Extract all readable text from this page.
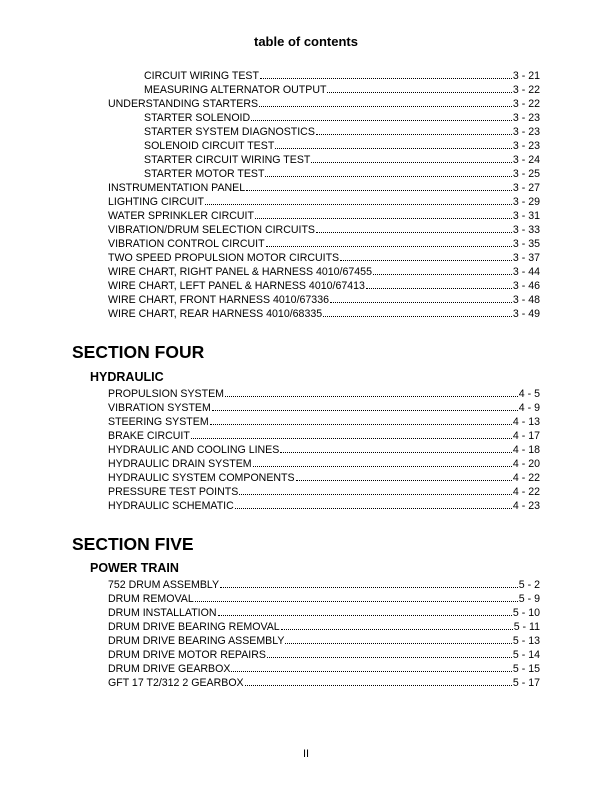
table of contents
CIRCUIT WIRING TEST	3 - 21
MEASURING ALTERNATOR OUTPUT	3 - 22
UNDERSTANDING STARTERS	3 - 22
STARTER SOLENOID	3 - 23
STARTER SYSTEM DIAGNOSTICS	3 - 23
SOLENOID CIRCUIT TEST	3 - 23
STARTER CIRCUIT WIRING TEST	3 - 24
STARTER MOTOR TEST	3 - 25
INSTRUMENTATION PANEL	3 - 27
LIGHTING CIRCUIT	3 - 29
WATER SPRINKLER CIRCUIT	3 - 31
VIBRATION/DRUM SELECTION CIRCUITS	3 - 33
VIBRATION CONTROL CIRCUIT	3 - 35
TWO SPEED PROPULSION MOTOR CIRCUITS	3 - 37
WIRE CHART, RIGHT PANEL & HARNESS 4010/67455	3 - 44
WIRE CHART, LEFT PANEL & HARNESS 4010/67413	3 - 46
WIRE CHART, FRONT HARNESS 4010/67336	3 - 48
WIRE CHART, REAR HARNESS 4010/68335	3 - 49
SECTION FOUR
HYDRAULIC
PROPULSION SYSTEM	4 - 5
VIBRATION SYSTEM	4 - 9
STEERING SYSTEM	4 - 13
BRAKE CIRCUIT	4 - 17
HYDRAULIC AND COOLING LINES	4 - 18
HYDRAULIC DRAIN SYSTEM	4 - 20
HYDRAULIC SYSTEM COMPONENTS	4 - 22
PRESSURE TEST POINTS	4 - 22
HYDRAULIC SCHEMATIC	4 - 23
SECTION FIVE
POWER TRAIN
752 DRUM ASSEMBLY	5 - 2
DRUM REMOVAL	5 - 9
DRUM INSTALLATION	5 - 10
DRUM DRIVE BEARING REMOVAL	5 - 11
DRUM DRIVE BEARING ASSEMBLY	5 - 13
DRUM DRIVE MOTOR REPAIRS	5 - 14
DRUM DRIVE GEARBOX	5 - 15
GFT 17 T2/312 2 GEARBOX	5 - 17
II
